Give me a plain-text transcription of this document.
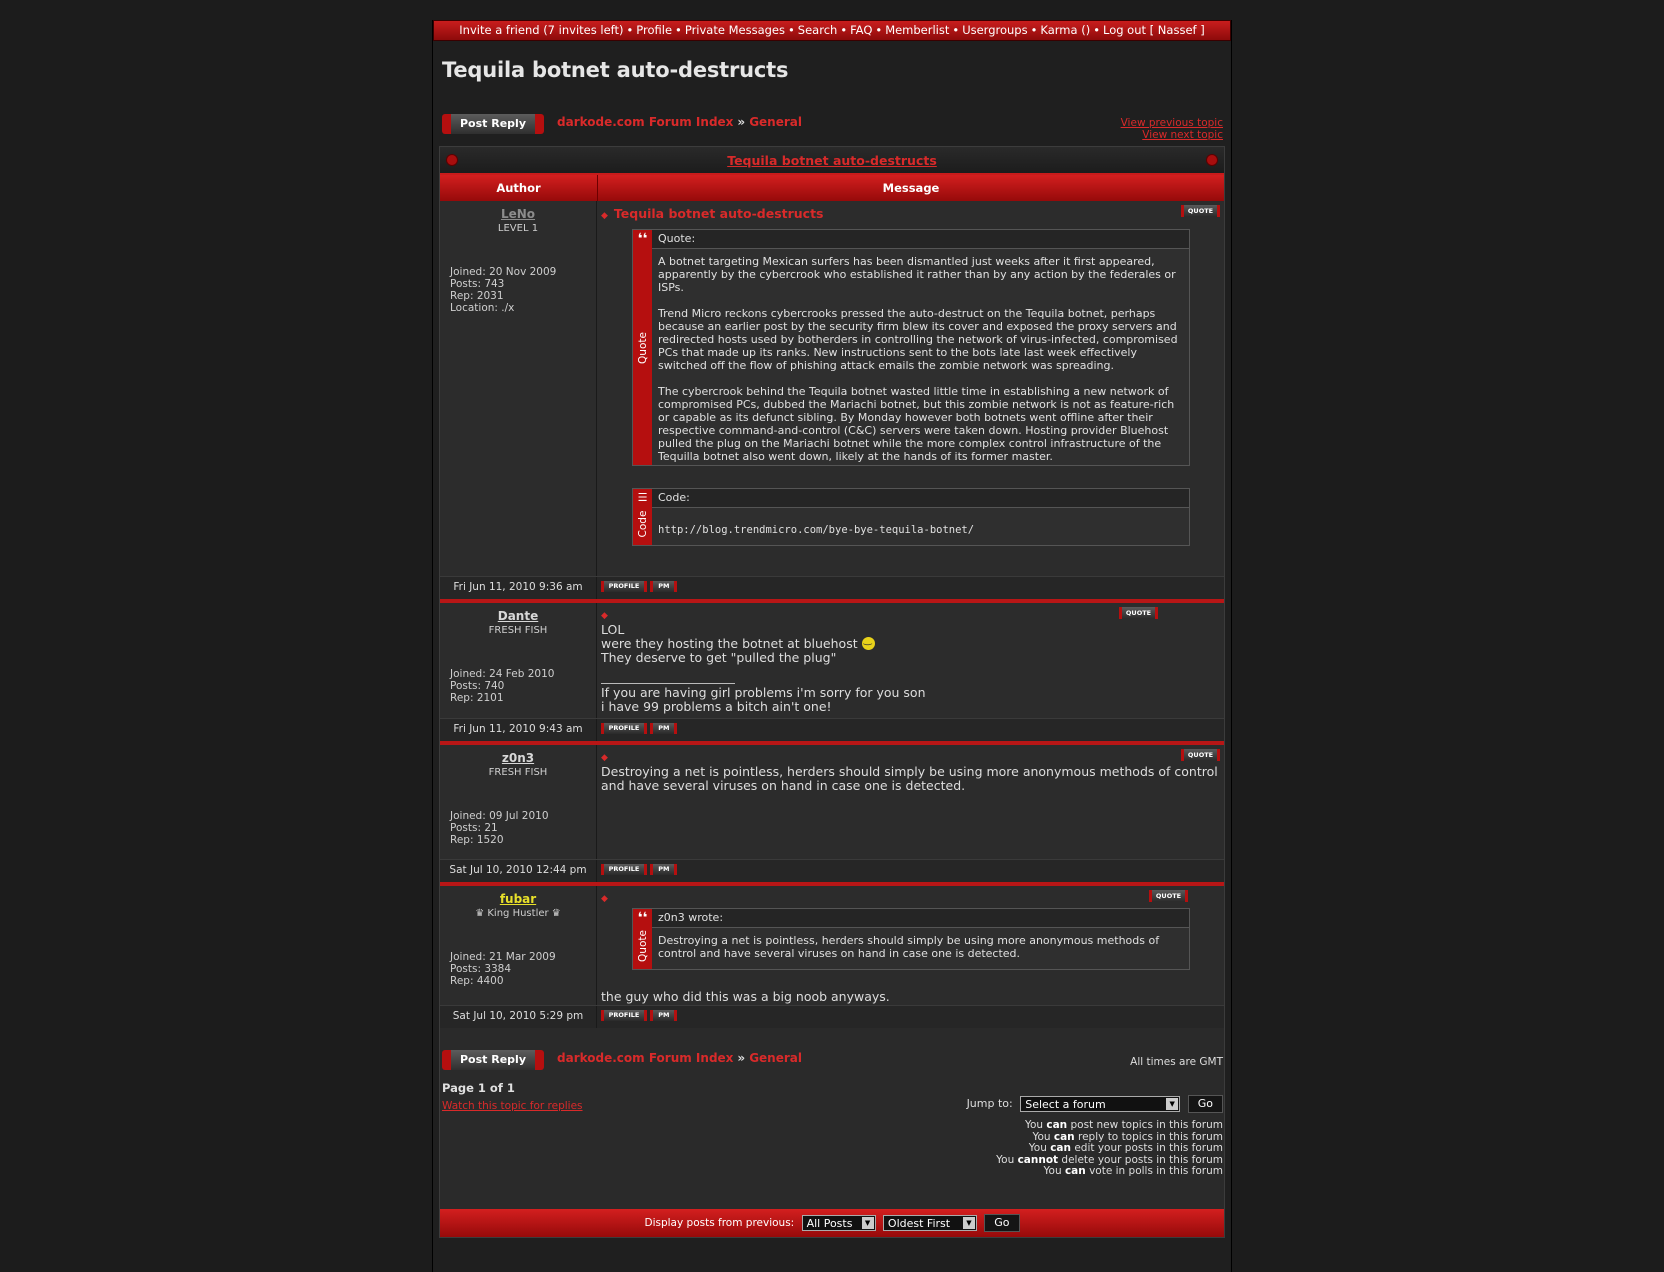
Invite a friend (7 invites left) • Profile • Private Messages • Search • FAQ • Memberlist • Usergroups • Karma () • Log out [ Nassef ]
Tequila botnet auto-destructs
Post Reply	darkode.com Forum Index » General	View previous topic
View next topic
Tequila botnet auto-destructs
Author	Message
LeNo
LEVEL 1
Joined: 20 Nov 2009
Posts: 743
Rep: 2031
Location: ./x
◆ Tequila botnet auto-destructs	QUOTE
❛❛
Quote
Quote:

A botnet targeting Mexican surfers has been dismantled just weeks after it first appeared, apparently by the cybercrook who established it rather than by any action by the federales or ISPs.

Trend Micro reckons cybercrooks pressed the auto-destruct on the Tequila botnet, perhaps because an earlier post by the security firm blew its cover and exposed the proxy servers and redirected hosts used by botherders in controlling the network of virus-infected, compromised PCs that made up its ranks. New instructions sent to the bots late last week effectively switched off the flow of phishing attack emails the zombie network was spreading.

The cybercrook behind the Tequila botnet wasted little time in establishing a new network of compromised PCs, dubbed the Mariachi botnet, but this zombie network is not as feature-rich or capable as its defunct sibling. By Monday however both botnets went offline after their respective command-and-control (C&C) servers were taken down. Hosting provider Bluehost pulled the plug on the Mariachi botnet while the more complex control infrastructure of the Tequilla botnet also went down, likely at the hands of its former master.

☰
Code
Code:
http://blog.trendmicro.com/bye-bye-tequila-botnet/
Fri Jun 11, 2010 9:36 am	PROFILE	PM
Dante
FRESH FISH
Joined: 24 Feb 2010
Posts: 740
Rep: 2101
◆	QUOTE
LOL
were they hosting the botnet at bluehost ‿
They deserve to get "pulled the plug"
If you are having girl problems i'm sorry for you son
i have 99 problems a bitch ain't one!
Fri Jun 11, 2010 9:43 am	PROFILE	PM
z0n3
FRESH FISH
Joined: 09 Jul 2010
Posts: 21
Rep: 1520
◆	QUOTE
Destroying a net is pointless, herders should simply be using more anonymous methods of control and have several viruses on hand in case one is detected.
Sat Jul 10, 2010 12:44 pm	PROFILE	PM
fubar
♛ King Hustler ♛
Joined: 21 Mar 2009
Posts: 3384
Rep: 4400
◆	QUOTE
❛❛
Quote
z0n3 wrote:
Destroying a net is pointless, herders should simply be using more anonymous methods of control and have several viruses on hand in case one is detected.
the guy who did this was a big noob anyways.
Sat Jul 10, 2010 5:29 pm	PROFILE	PM
Display posts from previous: All Posts	▼	Oldest First	▼	Go
Post Reply	darkode.com Forum Index » General	All times are GMT
Page 1 of 1
Watch this topic for replies	Jump to: Select a forum	▼	Go
You can post new topics in this forum
You can reply to topics in this forum
You can edit your posts in this forum
You cannot delete your posts in this forum
You can vote in polls in this forum
